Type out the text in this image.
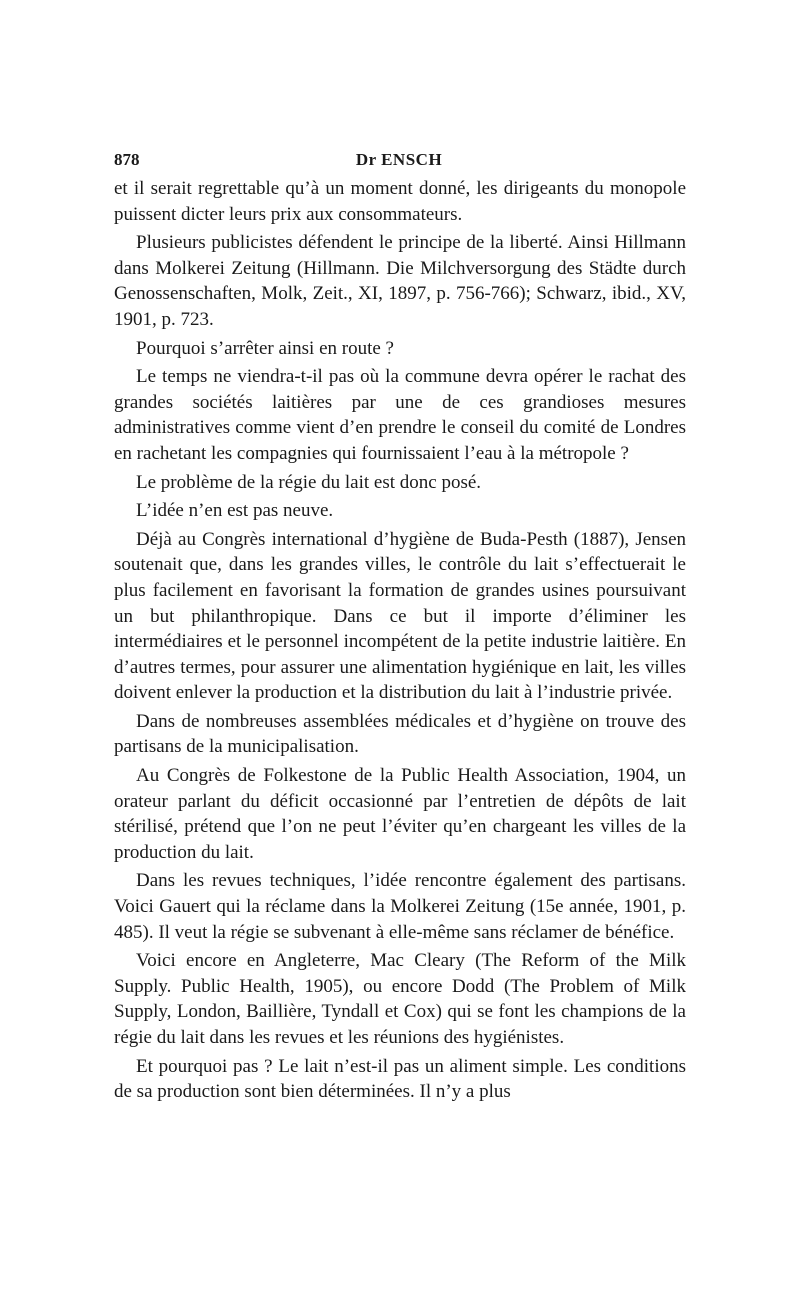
878	Dr ENSCH

et il serait regrettable qu’à un moment donné, les dirigeants du monopole puissent dicter leurs prix aux consommateurs.

Plusieurs publicistes défendent le principe de la liberté. Ainsi Hillmann dans Molkerei Zeitung (Hillmann. Die Milchversorgung des Städte durch Genossenschaften, Molk, Zeit., XI, 1897, p. 756-766); Schwarz, ibid., XV, 1901, p. 723.

Pourquoi s’arrêter ainsi en route ?

Le temps ne viendra-t-il pas où la commune devra opérer le rachat des grandes sociétés laitières par une de ces grandioses mesures administratives comme vient d’en prendre le conseil du comité de Londres en rachetant les compagnies qui fournissaient l’eau à la métropole ?

Le problème de la régie du lait est donc posé.

L’idée n’en est pas neuve.

Déjà au Congrès international d’hygiène de Buda-Pesth (1887), Jensen soutenait que, dans les grandes villes, le contrôle du lait s’effectuerait le plus facilement en favorisant la formation de grandes usines poursuivant un but philanthropique. Dans ce but il importe d’éliminer les intermédiaires et le personnel incompétent de la petite industrie laitière. En d’autres termes, pour assurer une alimentation hygiénique en lait, les villes doivent enlever la production et la distribution du lait à l’industrie privée.

Dans de nombreuses assemblées médicales et d’hygiène on trouve des partisans de la municipalisation.

Au Congrès de Folkestone de la Public Health Association, 1904, un orateur parlant du déficit occasionné par l’entretien de dépôts de lait stérilisé, prétend que l’on ne peut l’éviter qu’en chargeant les villes de la production du lait.

Dans les revues techniques, l’idée rencontre également des partisans. Voici Gauert qui la réclame dans la Molkerei Zeitung (15e année, 1901, p. 485). Il veut la régie se subvenant à elle-même sans réclamer de bénéfice.

Voici encore en Angleterre, Mac Cleary (The Reform of the Milk Supply. Public Health, 1905), ou encore Dodd (The Problem of Milk Supply, London, Baillière, Tyndall et Cox) qui se font les champions de la régie du lait dans les revues et les réunions des hygiénistes.

Et pourquoi pas ? Le lait n’est-il pas un aliment simple. Les conditions de sa production sont bien déterminées. Il n’y a plus
